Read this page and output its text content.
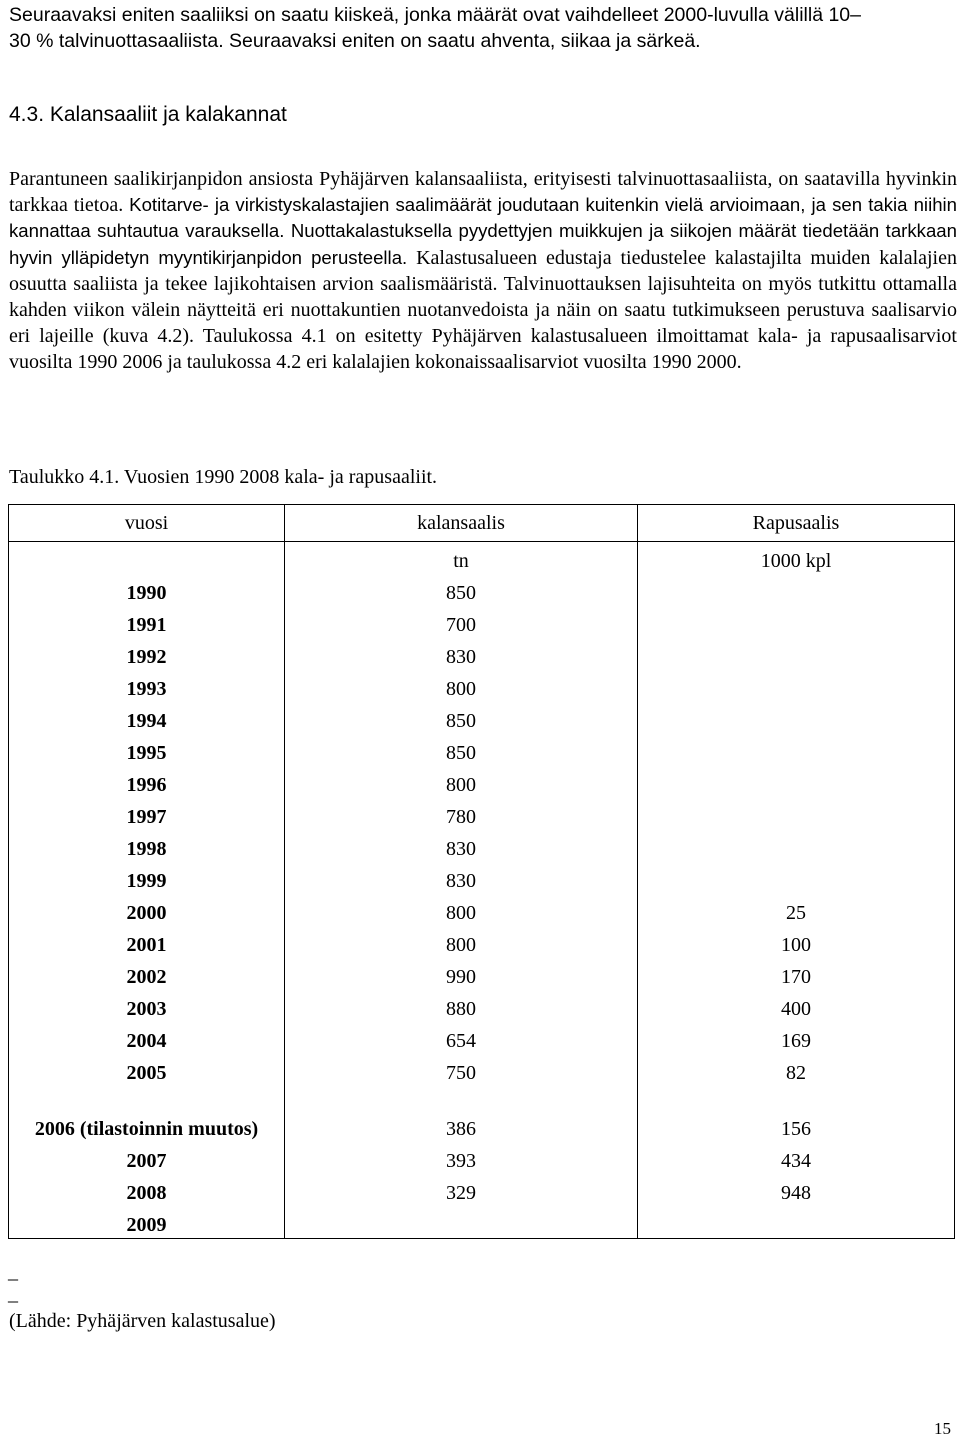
Seuraavaksi eniten saaliiksi on saatu kiiskeä, jonka määrät ovat vaihdelleet 2000-luvulla välillä 10–

30 % talvinuottasaaliista. Seuraavaksi eniten on saatu ahventa, siikaa ja särkeä.

4.3. Kalansaaliit ja kalakannat

Parantuneen saalikirjanpidon ansiosta Pyhäjärven kalansaaliista, erityisesti talvinuottasaaliista, on saatavilla hyvinkin tarkkaa tietoa. Kotitarve- ja virkistyskalastajien saalimäärät joudutaan kuitenkin vielä arvioimaan, ja sen takia niihin kannattaa suhtautua varauksella. Nuottakalastuksella pyydettyjen muikkujen ja siikojen määrät tiedetään tarkkaan hyvin ylläpidetyn myyntikirjanpidon perusteella. Kalastusalueen edustaja tiedustelee kalastajilta muiden kalalajien osuutta saaliista ja tekee lajikohtaisen arvion saalismääristä. Talvinuottauksen lajisuhteita on myös tutkittu ottamalla kahden viikon välein näytteitä eri nuottakuntien nuotanvedoista ja näin on saatu tutkimukseen perustuva saalisarvio eri lajeille (kuva 4.2). Taulukossa 4.1 on esitetty Pyhäjärven kalastusalueen ilmoittamat kala- ja rapusaalisarviot vuosilta 1990 2006 ja taulukossa 4.2 eri kalalajien kokonaissaalisarviot vuosilta 1990 2000.

Taulukko 4.1. Vuosien 1990 2008 kala- ja rapusaaliit.
vuosi	kalansaalis	Rapusaalis
	tn	1000 kpl
1990	850	
1991	700	
1992	830	
1993	800	
1994	850	
1995	850	
1996	800	
1997	780	
1998	830	
1999	830	
2000	800	25
2001	800	100
2002	990	170
2003	880	400
2004	654	169
2005	750	82
2006 (tilastoinnin muutos)	386	156
2007	393	434
2008	329	948
2009		
_
_
(Lähde: Pyhäjärven kalastusalue)
15
